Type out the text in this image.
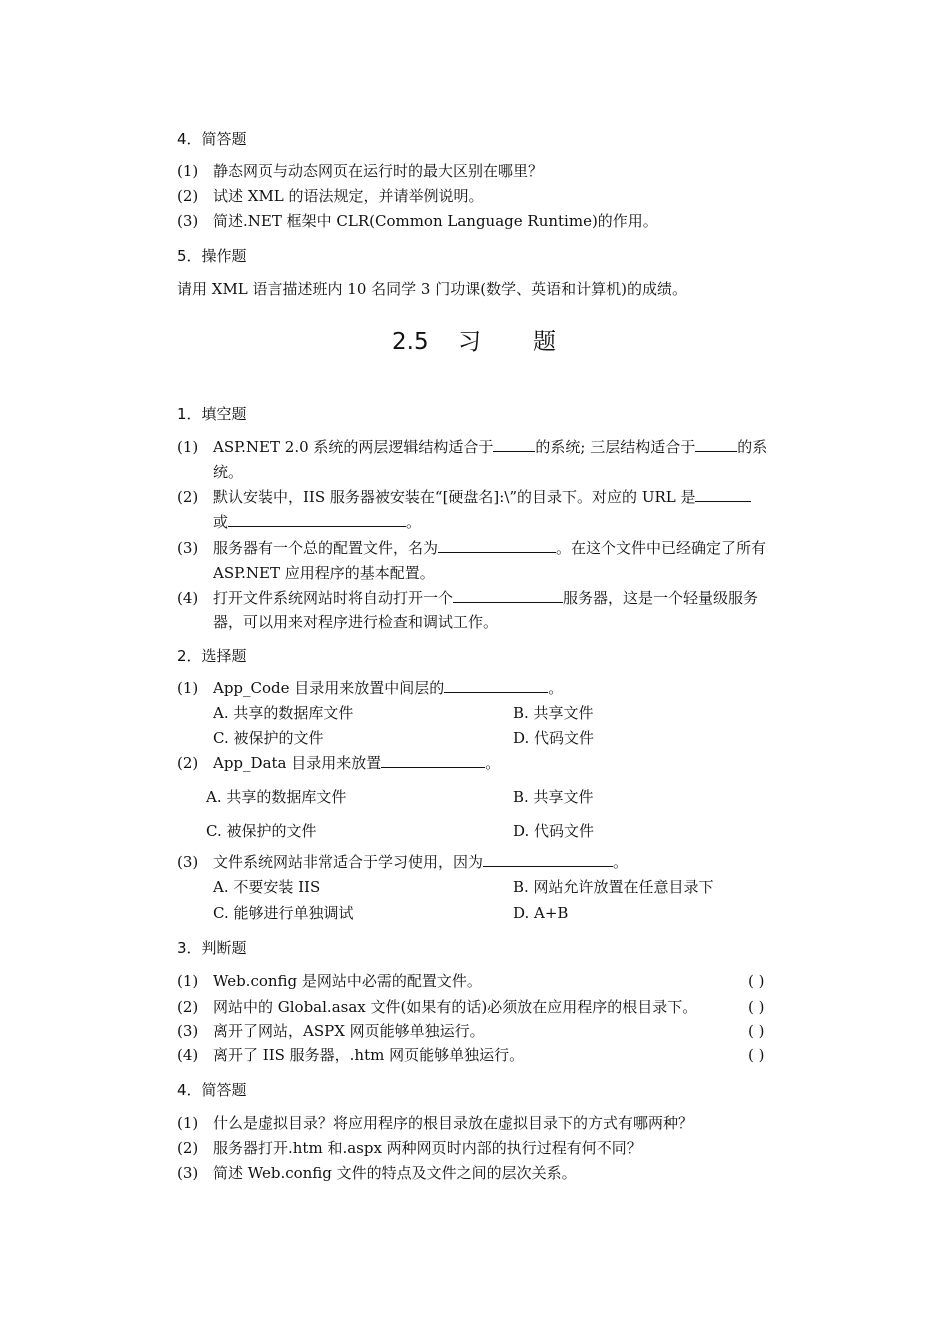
4．简答题
(1) 静态网页与动态网页在运行时的最大区别在哪里？
(2) 试述 XML 的语法规定，并请举例说明。
(3) 简述.NET 框架中 CLR(Common Language Runtime)的作用。
5．操作题
请用 XML 语言描述班内 10 名同学 3 门功课(数学、英语和计算机)的成绩。
2.5 习 题
1．填空题
(1) ASP.NET 2.0 系统的两层逻辑结构适合于	的系统; 三层结构适合于	的系
统。
(2) 默认安装中，IIS 服务器被安装在“[硬盘名]:\”的目录下。对应的 URL 是
或	。
(3) 服务器有一个总的配置文件，名为	。在这个文件中已经确定了所有
ASP.NET 应用程序的基本配置。
(4) 打开文件系统网站时将自动打开一个	服务器，这是一个轻量级服务
器，可以用来对程序进行检查和调试工作。
2．选择题
(1) App_Code 目录用来放置中间层的	。
A. 共享的数据库文件	B. 共享文件
C. 被保护的文件	D. 代码文件
(2) App_Data 目录用来放置	。
A. 共享的数据库文件	B. 共享文件
C. 被保护的文件	D. 代码文件
(3) 文件系统网站非常适合于学习使用，因为	。
A. 不要安装 IIS	B. 网站允许放置在任意目录下
C. 能够进行单独调试	D. A+B
3．判断题
(1) Web.config 是网站中必需的配置文件。	( )
(2) 网站中的 Global.asax 文件(如果有的话)必须放在应用程序的根目录下。	( )
(3) 离开了网站，ASPX 网页能够单独运行。	( )
(4) 离开了 IIS 服务器，.htm 网页能够单独运行。	( )
4．简答题
(1) 什么是虚拟目录？将应用程序的根目录放在虚拟目录下的方式有哪两种？
(2) 服务器打开.htm 和.aspx 两种网页时内部的执行过程有何不同？
(3) 简述 Web.config 文件的特点及文件之间的层次关系。
